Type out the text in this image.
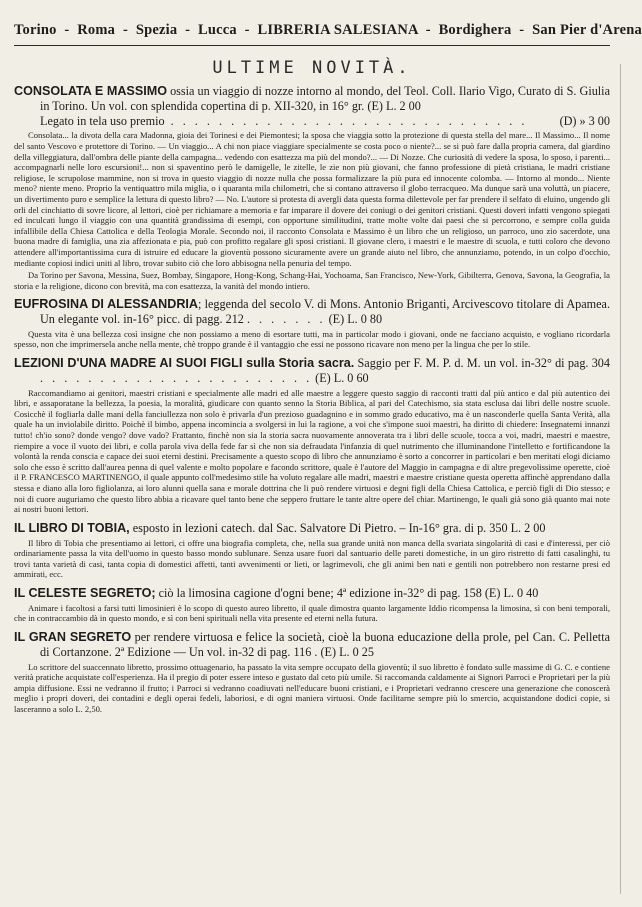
Torino - Roma - Spezia - Lucca - LIBRERIA SALESIANA - Bordighera - San Pier d'Arena
ULTIME NOVITÀ.
CONSOLATA E MASSIMO ossia un viaggio di nozze intorno al mondo, del Teol. Coll. Ilario Vigo, Curato di S. Giulia in Torino. Un vol. con splendida copertina di p. XII-320, in 16° gr. (E) L. 2 00
Legato in tela uso premio . . . . . . . . . . . . . . . . . . . . . . . . . . . . . .	(D) » 3 00
Consolata... la divota della cara Madonna, gioia dei Torinesi e dei Piemontesi; la sposa che viaggia sotto la protezione di questa stella del mare... Il Massimo... Il nome del santo Vescovo e protettore di Torino. — Un viaggio... A chi non piace viaggiare specialmente se costa poco o niente?... se si può fare dalla propria camera, dal giardino della villeggiatura, dall'ombra delle piante della campagna... vedendo con esattezza ma più del mondo?... — Di Nozze. Che curiosità di vedere la sposa, lo sposo, i parenti... accompagnarli nelle loro escursioni!... non si spaventino però le damigelle, le zitelle, le zie non più giovani, che fanno professione di pietà cristiana, le madri cristiane religiose, le scrupolose mammine, non si trova in questo viaggio di nozze nulla che possa formalizzare la più pura ed innocente colomba. — Intorno al mondo... Niente meno? niente meno. Proprio la ventiquattro mila miglia, o i quaranta mila chilometri, che si contano attraverso il globo terracqueo. Ma dunque sarà una voluttà, un piacere, un divertimento puro e semplice la lettura di questo libro? — No. L'autore si protesta di avergli data questa forma dilettevole per far prendere il selfato di eluino, ungendo gli orli del cinchiatto di sovre licore, al lettori, cioè per richiamare a memoria e far imparare il dovere dei coniugi o dei genitori cristiani. Questi doveri infatti vengono spiegati ed inculcati lungo il viaggio con una quantità grandissima di esempi, con opportune similitudini, tratte molte volte dai paesi che si percorrono, e sempre colla guida infallibile della Chiesa Cattolica e della Teologia Morale. Secondo noi, il racconto Consolata e Massimo è un libro che un religioso, un parroco, uno zio sacerdote, una buona madre di famiglia, una zia affezionata e pia, può con profitto regalare gli sposi cristiani. Il giovane clero, i maestri e le maestre di scuola, e tutti coloro che devono attendere all'importantissima cura di istruire ed educare la gioventù possono sicuramente avere un grande aiuto nel libro, che annunziamo, potendo, in un colpo d'occhio, mediante copiosi indici uniti al libro, trovar subito ciò che loro abbisogna nella penuria del tempo.
Da Torino per Savona, Messina, Suez, Bombay, Singapore, Hong-Kong, Schang-Hai, Yochoama, San Francisco, New-York, Gibilterra, Genova, Savona, la Geografia, la storia e la religione, dicono con brevità, ma con esattezza, la vanità del mondo intiero.
EUFROSINA DI ALESSANDRIA; leggenda del secolo V. di Mons. Antonio Briganti, Arcivescovo titolare di Apamea. Un elegante vol. in-16° picc. di pagg. 212 . . . . . . . (E) L. 0 80
Questa vita è una bellezza così insigne che non possiamo a meno di esortare tutti, ma in particolar modo i giovani, onde ne facciano acquisto, e vogliano ricordarla spesso, non che imprimersela anche nella mente, chè troppo grande è il vantaggio che essi ne possono ricavare non meno per la lingua che per lo stile.
LEZIONI D'UNA MADRE AI SUOI FIGLI sulla Storia sacra. Saggio per F. M. P. d. M. un vol. in-32° di pag. 304 . . . . . . . . . . . . . . . . . . . . . . . (E) L. 0 60
Raccomandiamo ai genitori, maestri cristiani e specialmente alle madri ed alle maestre a leggere questo saggio di racconti tratti dal più antico e dal più autentico dei libri, e assaporatane la bellezza, la poesia, la moralità, giudicare con quanto senno la Storia Biblica, al pari del Catechismo, sia stata esclusa dai libri delle nostre scuole. Cosicchè il fogliarla dalle mani della fanciullezza non solo è privarla d'un prezioso guadagnino e in sommo grado educativo, ma è un nasconderle quella Santa Verità, alla quale ha un inviolabile diritto. Poichè il bimbo, appena incomincia a svolgersi in lui la ragione, a voi che s'impone suoi maestri, ha diritto di chiedere: Insegnatemi innanzi tutto! ch'io sono? donde vengo? dove vado? Frattanto, finchè non sia la storia sacra nuovamente annoverata tra i libri delle scuole, tocca a voi, madri, maestri e maestre, riempire a voce il vuoto dei libri, e colla parola viva della fede far sì che non sia defraudata l'infanzia di quel nutrimento che illuminandone l'intelletto e fortificandone la volontà la renda conscia e capace dei suoi eterni destini. Precisamente a questo scopo di libro che annunziamo è sorto a concorrer in particolari e ben meritati elogi diciamo solo che esso è scritto dall'aurea penna di quel valente e molto popolare e facondo scrittore, quale è l'autore del Maggio in campagna e di altre pregevolissime operette, cioè il P. FRANCESCO MARTINENGO, il quale appunto coll'medesimo stile ha voluto regalare alle madri, maestri e maestre cristiane questa operetta affinchè apprendano dalla stessa e diano alla loro figliolanza, ai loro alunni quella sana e morale dottrina che li può rendere virtuosi e degni figli della Chiesa Cattolica, e perciò figli di Dio stesso; e noi di cuore auguriamo che questo libro abbia a ricavare quel tanto bene che seppero fruttare le tante altre opere del chiar. Martinengo, le quali già sono già quanto mai note ai nostri buoni lettori.
IL LIBRO DI TOBIA, esposto in lezioni catech. dal Sac. Salvatore Di Pietro. – In-16° gra. di p. 350 L. 2 00
Il libro di Tobia che presentiamo ai lettori, ci offre una biografia completa, che, nella sua grande unità non manca della svariata singolarità di casi e d'interessi, per ciò ordinariamente passa la vita dell'uomo in questo basso mondo sublunare. Senza usare fuori dal santuario delle pareti domestiche, in un giro ristretto di fatti casalinghi, tu trovi tanta varietà di casi, tanta copia di domestici affetti, tanti avvenimenti or lieti, or lagrimevoli, che gli animi ben nati e gentili non potrebbero non restarne presi ed ammirati, ecc.
IL CELESTE SEGRETO; ciò la limosina cagione d'ogni bene; 4ª edizione in-32° di pag. 158 (E) L. 0 40
Animare i facoltosi a farsi tutti limosinieri è lo scopo di questo aureo libretto, il quale dimostra quanto largamente Iddio ricompensa la limosina, sì con beni temporali, che in contraccambio dà in questo mondo, e sì con beni spirituali nella vita presente ed eterni nella futura.
IL GRAN SEGRETO per rendere virtuosa e felice la società, cioè la buona educazione della prole, pel Can. C. Pelletta di Cortanzone. 2ª Edizione — Un vol. in-32 di pag. 116 . (E) L. 0 25
Lo scrittore del suaccennato libretto, prossimo ottuagenario, ha passato la vita sempre occupato della gioventù; il suo libretto è fondato sulle massime di G. C. e contiene verità pratiche acquistate coll'esperienza. Ha il pregio di poter essere inteso e gustato dal ceto più umile. Si raccomanda caldamente ai Signori Parroci e Proprietari per la più ampia diffusione. Essi ne vedranno il frutto; i Parroci si vedranno coadiuvati nell'educare buoni cristiani, e i Proprietari vedranno crescere una generazione che conoscerà meglio i propri doveri, dei contadini e degli operai fedeli, laboriosi, e di ogni maniera virtuosi. Onde facilitarne sempre più lo smercio, acquistandone dodici copie, si lasceranno a solo L. 2,50.
